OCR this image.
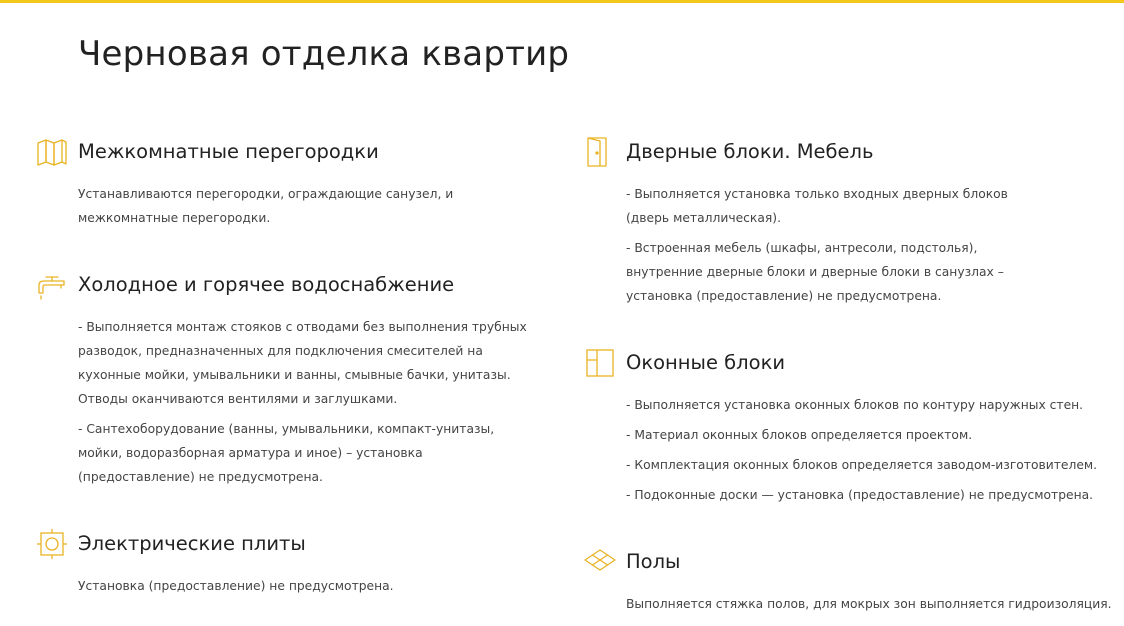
Черновая отделка квартир
Межкомнатные перегородки

Устанавливаются перегородки, ограждающие санузел, и межкомнатные перегородки.

Холодное и горячее водоснабжение

- Выполняется монтаж стояков с отводами без выполнения трубных разводок, предназначенных для подключения смесителей на кухонные мойки, умывальники и ванны, смывные бачки, унитазы. Отводы оканчиваются вентилями и заглушками.

- Сантехоборудование (ванны, умывальники, компакт-унитазы, мойки, водоразборная арматура и иное) – установка (предоставление) не предусмотрена.

Электрические плиты

Установка (предоставление) не предусмотрена.

Дверные блоки. Мебель

- Выполняется установка только входных дверных блоков (дверь металлическая).

- Встроенная мебель (шкафы, антресоли, подстолья), внутренние дверные блоки и дверные блоки в санузлах – установка (предоставление) не предусмотрена.

Оконные блоки

- Выполняется установка оконных блоков по контуру наружных стен.

- Материал оконных блоков определяется проектом.

- Комплектация оконных блоков определяется заводом-изготовителем.

- Подоконные доски — установка (предоставление) не предусмотрена.

Полы

Выполняется стяжка полов, для мокрых зон выполняется гидроизоляция.
